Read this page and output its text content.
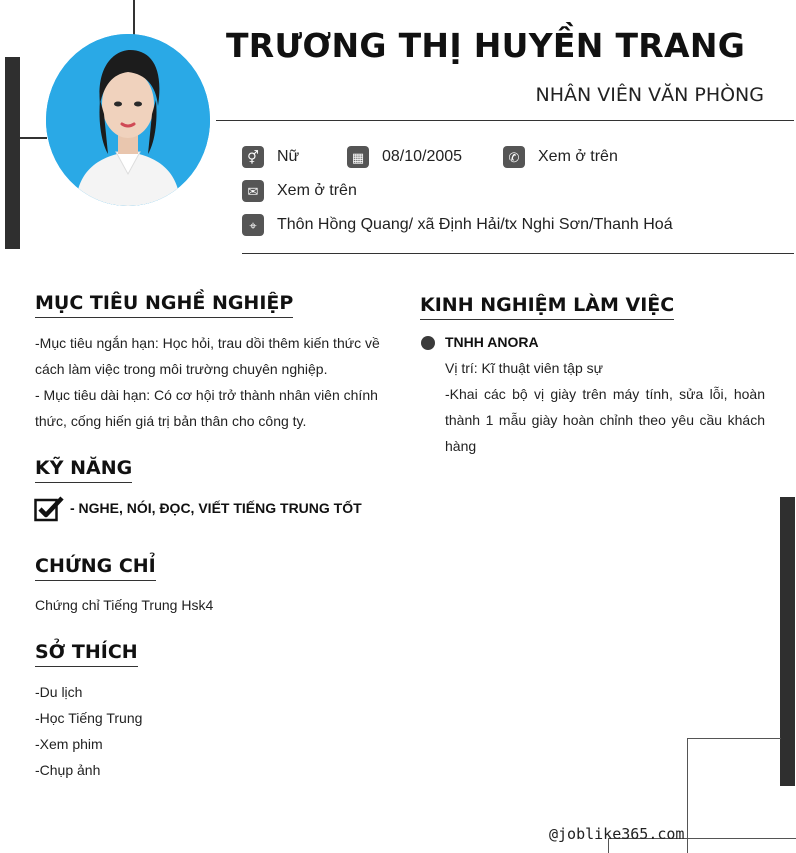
TRƯƠNG THỊ HUYỀN TRANG
NHÂN VIÊN VĂN PHÒNG
⚥	Nữ	▦	08/10/2005	✆	Xem ở trên
✉	Xem ở trên
⌖	Thôn Hồng Quang/ xã Định Hải/tx Nghi Sơn/Thanh Hoá
MỤC TIÊU NGHỀ NGHIỆP
-Mục tiêu ngắn hạn: Học hỏi, trau dồi thêm kiến thức về
cách làm việc trong môi trường chuyên nghiệp.
- Mục tiêu dài hạn: Có cơ hội trở thành nhân viên chính
thức, cống hiến giá trị bản thân cho công ty.
KỸ NĂNG
- NGHE, NÓI, ĐỌC, VIẾT TIẾNG TRUNG TỐT
CHỨNG CHỈ
Chứng chỉ Tiếng Trung Hsk4
SỞ THÍCH
-Du lịch
-Học Tiếng Trung
-Xem phim
-Chụp ảnh
KINH NGHIỆM LÀM VIỆC
TNHH ANORA
Vị trí: Kĩ thuật viên tập sự
-Khai các bộ vị giày trên máy tính, sửa lỗi, hoàn thành 1 mẫu giày hoàn chỉnh theo yêu cầu khách hàng
@joblike365.com
